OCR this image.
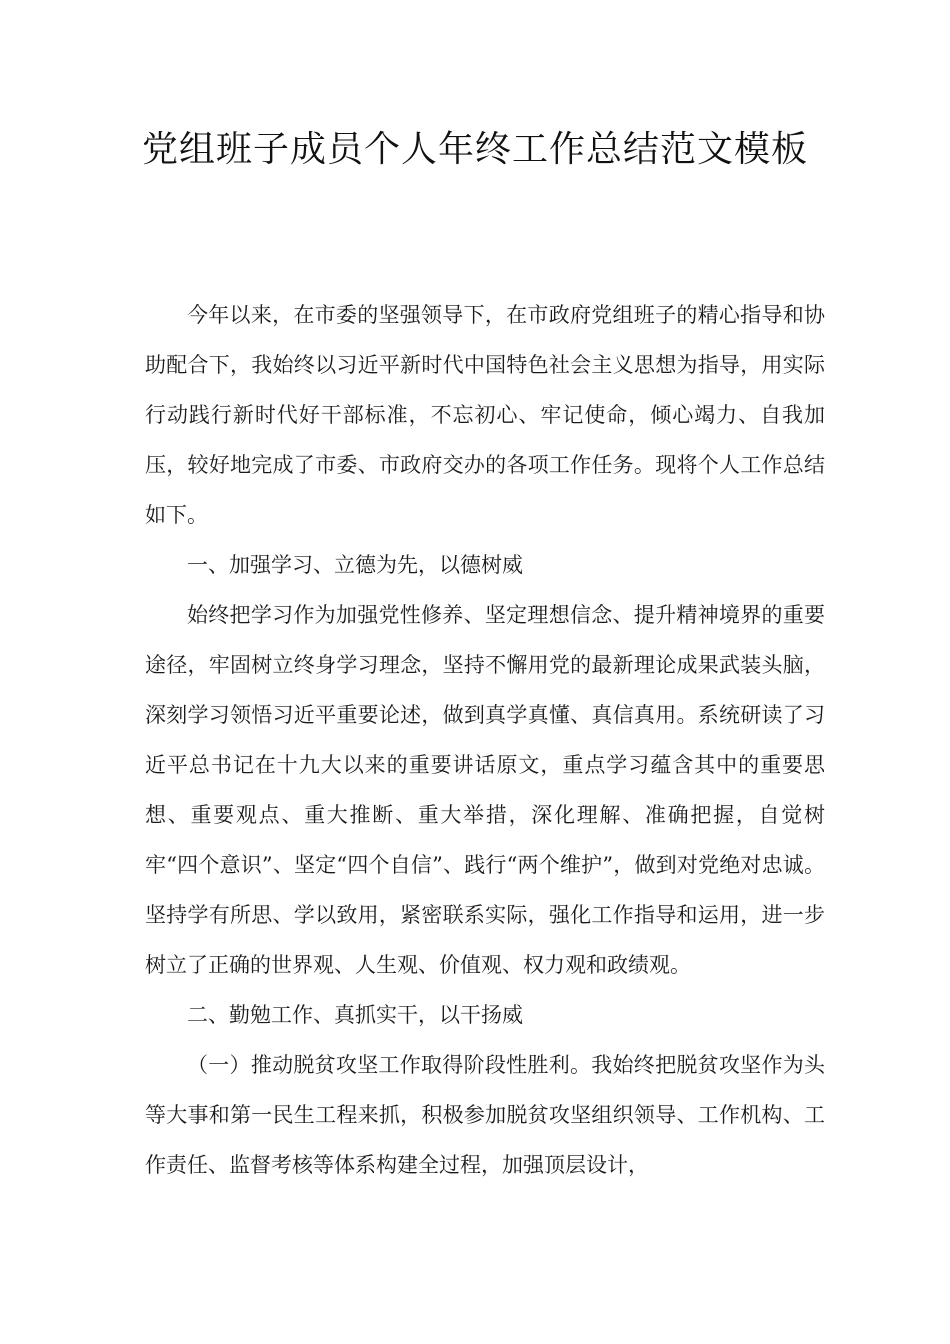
党组班子成员个人年终工作总结范文模板

今年以来，在市委的坚强领导下，在市政府党组班子的精心指导和协助配合下，我始终以习近平新时代中国特色社会主义思想为指导，用实际行动践行新时代好干部标准，不忘初心、牢记使命，倾心竭力、自我加压，较好地完成了市委、市政府交办的各项工作任务。现将个人工作总结如下。

一、加强学习、立德为先，以德树威

始终把学习作为加强党性修养、坚定理想信念、提升精神境界的重要途径，牢固树立终身学习理念，坚持不懈用党的最新理论成果武装头脑，深刻学习领悟习近平重要论述，做到真学真懂、真信真用。系统研读了习近平总书记在十九大以来的重要讲话原文，重点学习蕴含其中的重要思想、重要观点、重大推断、重大举措，深化理解、准确把握，自觉树牢“四个意识”、坚定“四个自信”、践行“两个维护”，做到对党绝对忠诚。坚持学有所思、学以致用，紧密联系实际，强化工作指导和运用，进一步树立了正确的世界观、人生观、价值观、权力观和政绩观。

二、勤勉工作、真抓实干，以干扬威

（一）推动脱贫攻坚工作取得阶段性胜利。我始终把脱贫攻坚作为头等大事和第一民生工程来抓，积极参加脱贫攻坚组织领导、工作机构、工作责任、监督考核等体系构建全过程，加强顶层设计，
